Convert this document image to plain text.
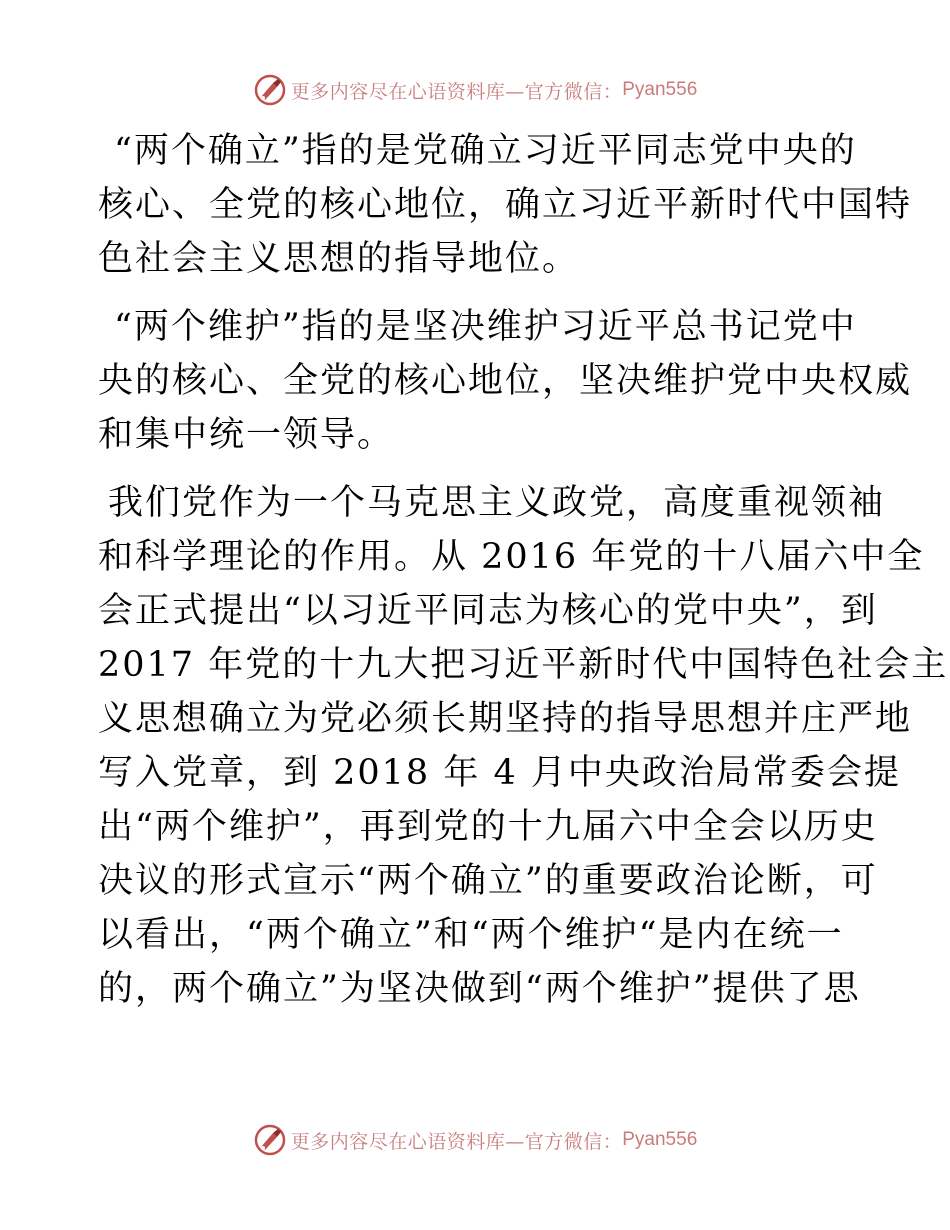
更多内容尽在心语资料库—官方微信： Pyan556
“两个确立”指的是党确立习近平同志党中央的
核心、全党的核心地位，确立习近平新时代中国特
色社会主义思想的指导地位。
“两个维护”指的是坚决维护习近平总书记党中
央的核心、全党的核心地位，坚决维护党中央权威
和集中统一领导。
我们党作为一个马克思主义政党，高度重视领袖
和科学理论的作用。从 2016 年党的十八届六中全
会正式提出“以习近平同志为核心的党中央”，到
2017 年党的十九大把习近平新时代中国特色社会主
义思想确立为党必须长期坚持的指导思想并庄严地
写入党章，到 2018 年 4 月中央政治局常委会提
出“两个维护”，再到党的十九届六中全会以历史
决议的形式宣示“两个确立”的重要政治论断，可
以看出，“两个确立”和“两个维护“是内在统一
的，两个确立”为坚决做到“两个维护”提供了思
更多内容尽在心语资料库—官方微信： Pyan556
